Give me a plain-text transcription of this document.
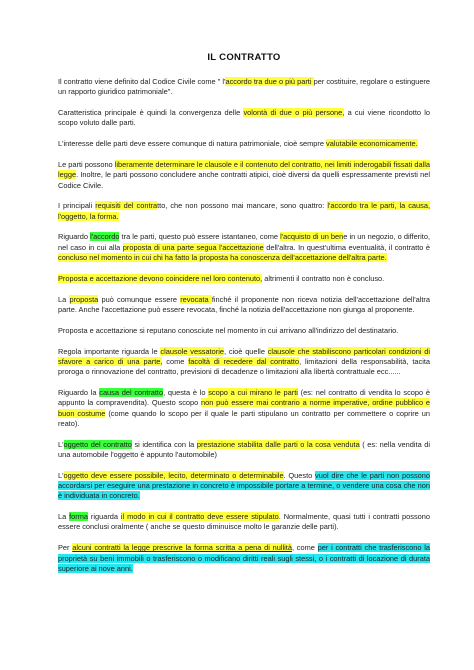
IL CONTRATTO
Il contratto viene definito dal Codice Civile come " l'accordo tra due o più parti per costituire, regolare o estinguere un rapporto giuridico patrimoniale".
Caratteristica principale è quindi la convergenza delle volontà di due o più persone, a cui viene ricondotto lo scopo voluto dalle parti.
L'interesse delle parti deve essere comunque di natura patrimoniale, cioè sempre valutabile economicamente.
Le parti possono liberamente determinare le clausole e il contenuto del contratto, nei limiti inderogabili fissati dalla legge. Inoltre, le parti possono concludere anche contratti atipici, cioè diversi da quelli espressamente previsti nel Codice Civile.
I principali requisiti del contratto, che non possono mai mancare, sono quattro: l'accordo tra le parti, la causa, l'oggetto, la forma.
Riguardo l'accordo tra le parti, questo può essere istantaneo, come l'acquisto di un bene in un negozio, o differito, nel caso in cui alla proposta di una parte segua l'accettazione dell'altra. In quest'ultima eventualità, il contratto è concluso nel momento in cui chi ha fatto la proposta ha conoscenza dell'accettazione dell'altra parte.
Proposta e accettazione devono coincidere nel loro contenuto, altrimenti il contratto non è concluso.
La proposta può comunque essere revocata finché il proponente non riceva notizia dell'accettazione dell'altra parte. Anche l'accettazione può essere revocata, finché la notizia dell'accettazione non giunga al proponente.
Proposta e accettazione si reputano conosciute nel momento in cui arrivano all'indirizzo del destinatario.
Regola importante riguarda le clausole vessatorie, cioè quelle clausole che stabiliscono particolari condizioni di sfavore a carico di una parte, come facoltà di recedere dal contratto, limitazioni della responsabilità, tacita proroga o rinnovazione del contratto, previsioni di decadenze o limitazioni alla libertà contrattuale ecc......
Riguardo la causa del contratto, questa è lo scopo a cui mirano le parti (es: nel contratto di vendita lo scopo è appunto la compravendita). Questo scopo non può essere mai contrario a norme imperative, ordine pubblico e buon costume (come quando lo scopo per il quale le parti stipulano un contratto per commettere o coprire un reato).
L'oggetto del contratto si identifica con la prestazione stabilita dalle parti o la cosa venduta ( es: nella vendita di una automobile l'oggetto è appunto l'automobile)
L'oggetto deve essere possibile, lecito, determinato o determinabile. Questo vuol dire che le parti non possono accordarsi per eseguire una prestazione in concreto è impossibile portare a termine, o vendere una cosa che non è individuata in concreto.
La forma riguarda il modo in cui il contratto deve essere stipulato. Normalmente, quasi tutti i contratti possono essere conclusi oralmente ( anche se questo diminuisce molto le garanzie delle parti).
Per alcuni contratti la legge prescrive la forma scritta a pena di nullità, come per i contratti che trasferiscono la proprietà su beni immobili o trasferiscono o modificano diritti reali sugli stessi, o i contratti di locazione di durata superiore ai nove anni.
